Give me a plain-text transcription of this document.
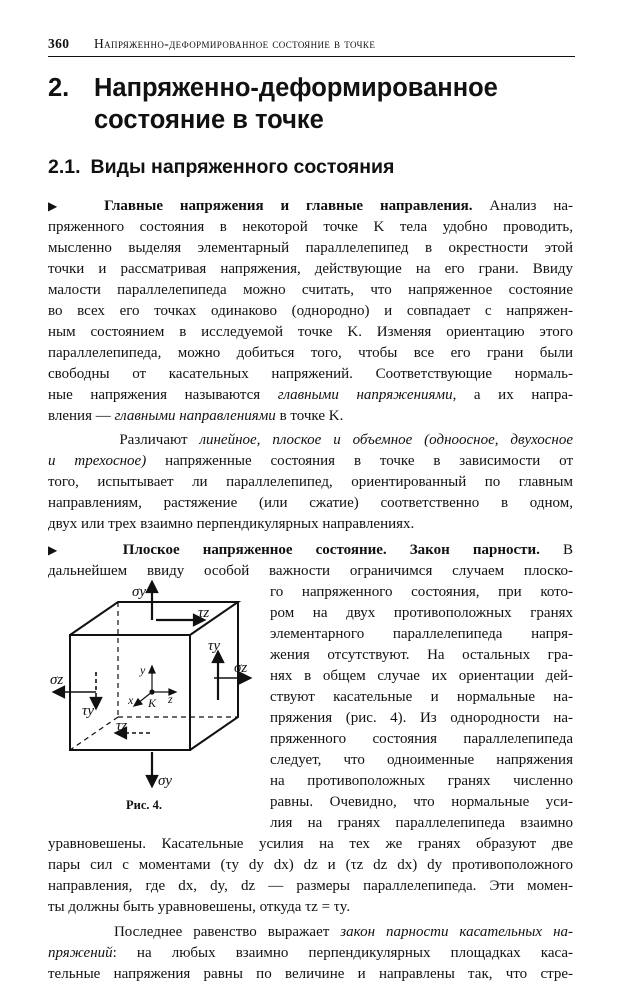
360 Напряженно-деформированное состояние в точке
2. Напряженно-деформированное состояние в точке
2.1. Виды напряженного состояния
▶ Главные напряжения и главные направления. Анализ на-
пряженного состояния в некоторой точке K тела удобно проводить,
мысленно выделяя элементарный параллелепипед в окрестности этой
точки и рассматривая напряжения, действующие на его грани. Ввиду
малости параллелепипеда можно считать, что напряженное состояние
во всех его точках одинаково (однородно) и совпадает с напряжен-
ным состоянием в исследуемой точке K. Изменяя ориентацию этого
параллелепипеда, можно добиться того, чтобы все его грани были
свободны от касательных напряжений. Соответствующие нормаль-
ные напряжения называются главными напряжениями, а их напра-
вления — главными направлениями в точке K.
Различают линейное, плоское и объемное (одноосное, двухосное
и трехосное) напряженные состояния в точке в зависимости от
того, испытывает ли параллелепипед, ориентированный по главным
направлениям, растяжение (или сжатие) соответственно в одном,
двух или трех взаимно перпендикулярных направлениях.
▶	Плоское напряженное состояние. Закон парности. В
дальнейшем ввиду особой важности ограничимся случаем плоско-
го напряженного состояния, при кото-
ром на двух противоположных гранях
элементарного параллелепипеда напря-
жения отсутствуют. На остальных гра-
нях в общем случае их ориентации дей-
ствуют касательные и нормальные на-
пряжения (рис. 4). Из однородности на-
пряженного состояния параллелепипеда
следует, что одноименные напряжения
на противоположных гранях численно
равны. Очевидно, что нормальные уси-
лия на гранях параллелепипеда взаимно
уравновешены. Касательные усилия на тех же гранях образуют две
пары сил с моментами (τy dy dx) dz и (τz dz dx) dy противоположного
направления, где dx, dy, dz — размеры параллелепипеда. Эти момен-
ты должны быть уравновешены, откуда τz = τy.
Последнее равенство выражает закон парности касательных на-
пряжений: на любых взаимно перпендикулярных площадках каса-
тельные напряжения равны по величине и направлены так, что стре-
σy
τz
τy
σz
σz
τy
τz
σy
y
z
x K
Рис. 4.
